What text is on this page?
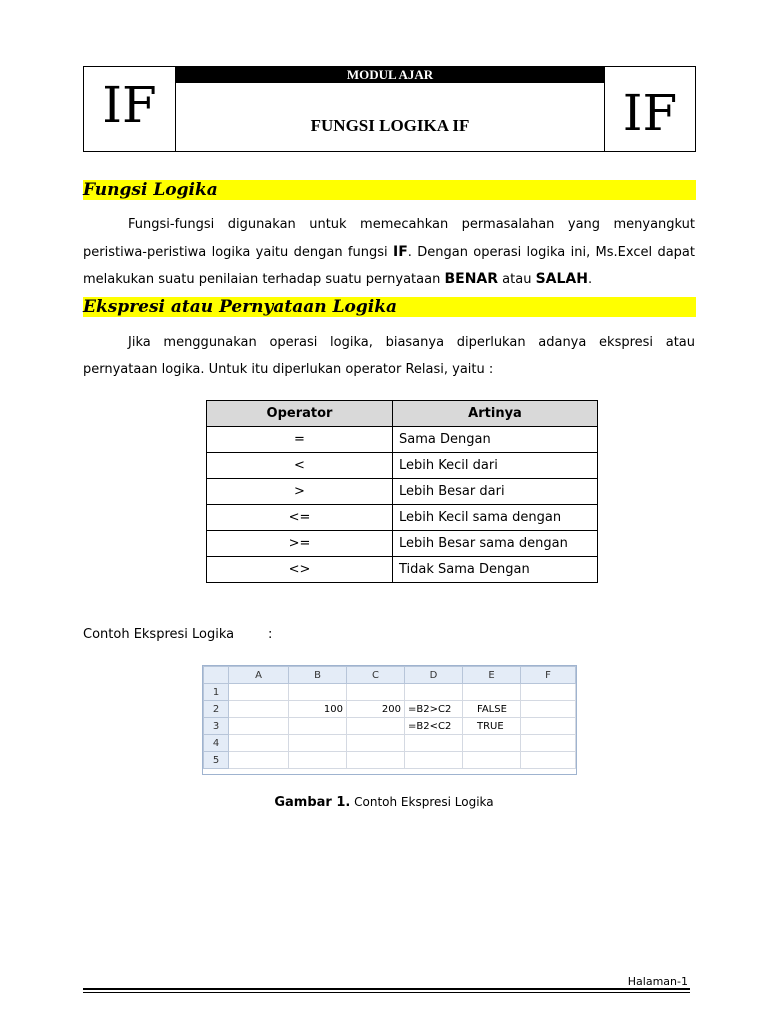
IF
MODUL AJAR
FUNGSI LOGIKA IF	IF
Fungsi Logika
Fungsi-fungsi digunakan untuk memecahkan permasalahan yang menyangkut peristiwa-peristiwa logika yaitu dengan fungsi IF. Dengan operasi logika ini, Ms.Excel dapat melakukan suatu penilaian terhadap suatu pernyataan BENAR atau SALAH.
Ekspresi atau Pernyataan Logika
Jika menggunakan operasi logika, biasanya diperlukan adanya ekspresi atau pernyataan logika. Untuk itu diperlukan operator Relasi, yaitu :
Operator	Artinya
=	Sama Dengan
<	Lebih Kecil dari
>	Lebih Besar dari
<=	Lebih Kecil sama dengan
>=	Lebih Besar sama dengan
<>	Tidak Sama Dengan
Contoh Ekspresi Logika	:
	A	B	C	D	E	F
1						
2		100	200	=B2>C2	FALSE	
3				=B2<C2	TRUE	
4						
5						
Gambar 1. Contoh Ekspresi Logika
Halaman-1
